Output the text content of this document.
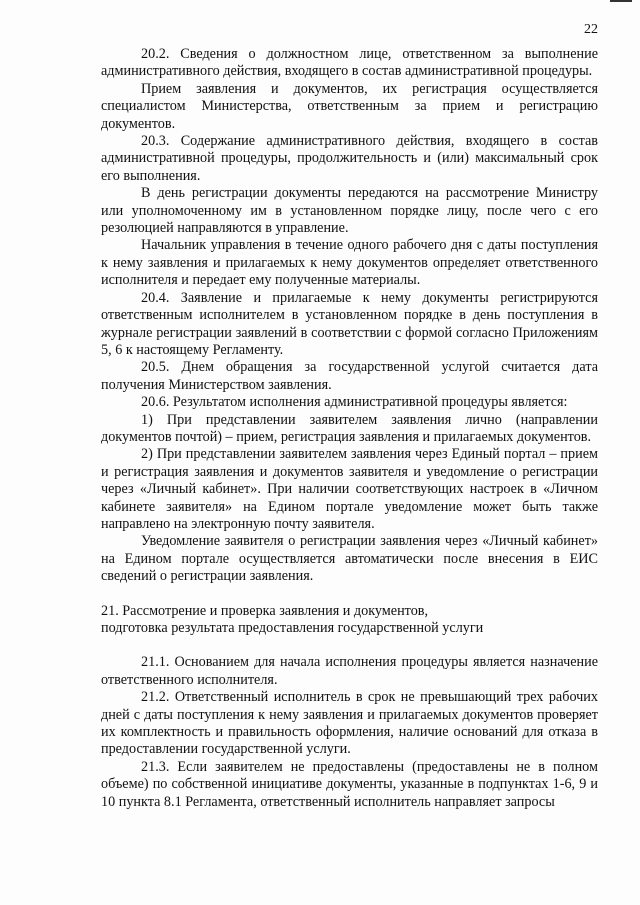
22

20.2. Сведения о должностном лице, ответственном за выполнение административного действия, входящего в состав административной процедуры.

Прием заявления и документов, их регистрация осуществляется специалистом Министерства, ответственным за прием и регистрацию документов.

20.3. Содержание административного действия, входящего в состав административной процедуры, продолжительность и (или) максимальный срок его выполнения.

В день регистрации документы передаются на рассмотрение Министру или уполномоченному им в установленном порядке лицу, после чего с его резолюцией направляются в управление.

Начальник управления в течение одного рабочего дня с даты поступления к нему заявления и прилагаемых к нему документов определяет ответственного исполнителя и передает ему полученные материалы.

20.4. Заявление и прилагаемые к нему документы регистрируются ответственным исполнителем в установленном порядке в день поступления в журнале регистрации заявлений в соответствии с формой согласно Приложениям 5, 6 к настоящему Регламенту.

20.5. Днем обращения за государственной услугой считается дата получения Министерством заявления.

20.6. Результатом исполнения административной процедуры является:

1) При представлении заявителем заявления лично (направлении документов почтой) – прием, регистрация заявления и прилагаемых документов.

2) При представлении заявителем заявления через Единый портал – прием и регистрация заявления и документов заявителя и уведомление о регистрации через «Личный кабинет». При наличии соответствующих настроек в «Личном кабинете заявителя» на Едином портале уведомление может быть также направлено на электронную почту заявителя.

Уведомление заявителя о регистрации заявления через «Личный кабинет» на Едином портале осуществляется автоматически после внесения в ЕИС сведений о регистрации заявления.

21. Рассмотрение и проверка заявления и документов,

подготовка результата предоставления государственной услуги

21.1. Основанием для начала исполнения процедуры является назначение ответственного исполнителя.

21.2. Ответственный исполнитель в срок не превышающий трех рабочих дней с даты поступления к нему заявления и прилагаемых документов проверяет их комплектность и правильность оформления, наличие оснований для отказа в предоставлении государственной услуги.

21.3. Если заявителем не предоставлены (предоставлены не в полном объеме) по собственной инициативе документы, указанные в подпунктах 1-6, 9 и 10 пункта 8.1 Регламента, ответственный исполнитель направляет запросы
